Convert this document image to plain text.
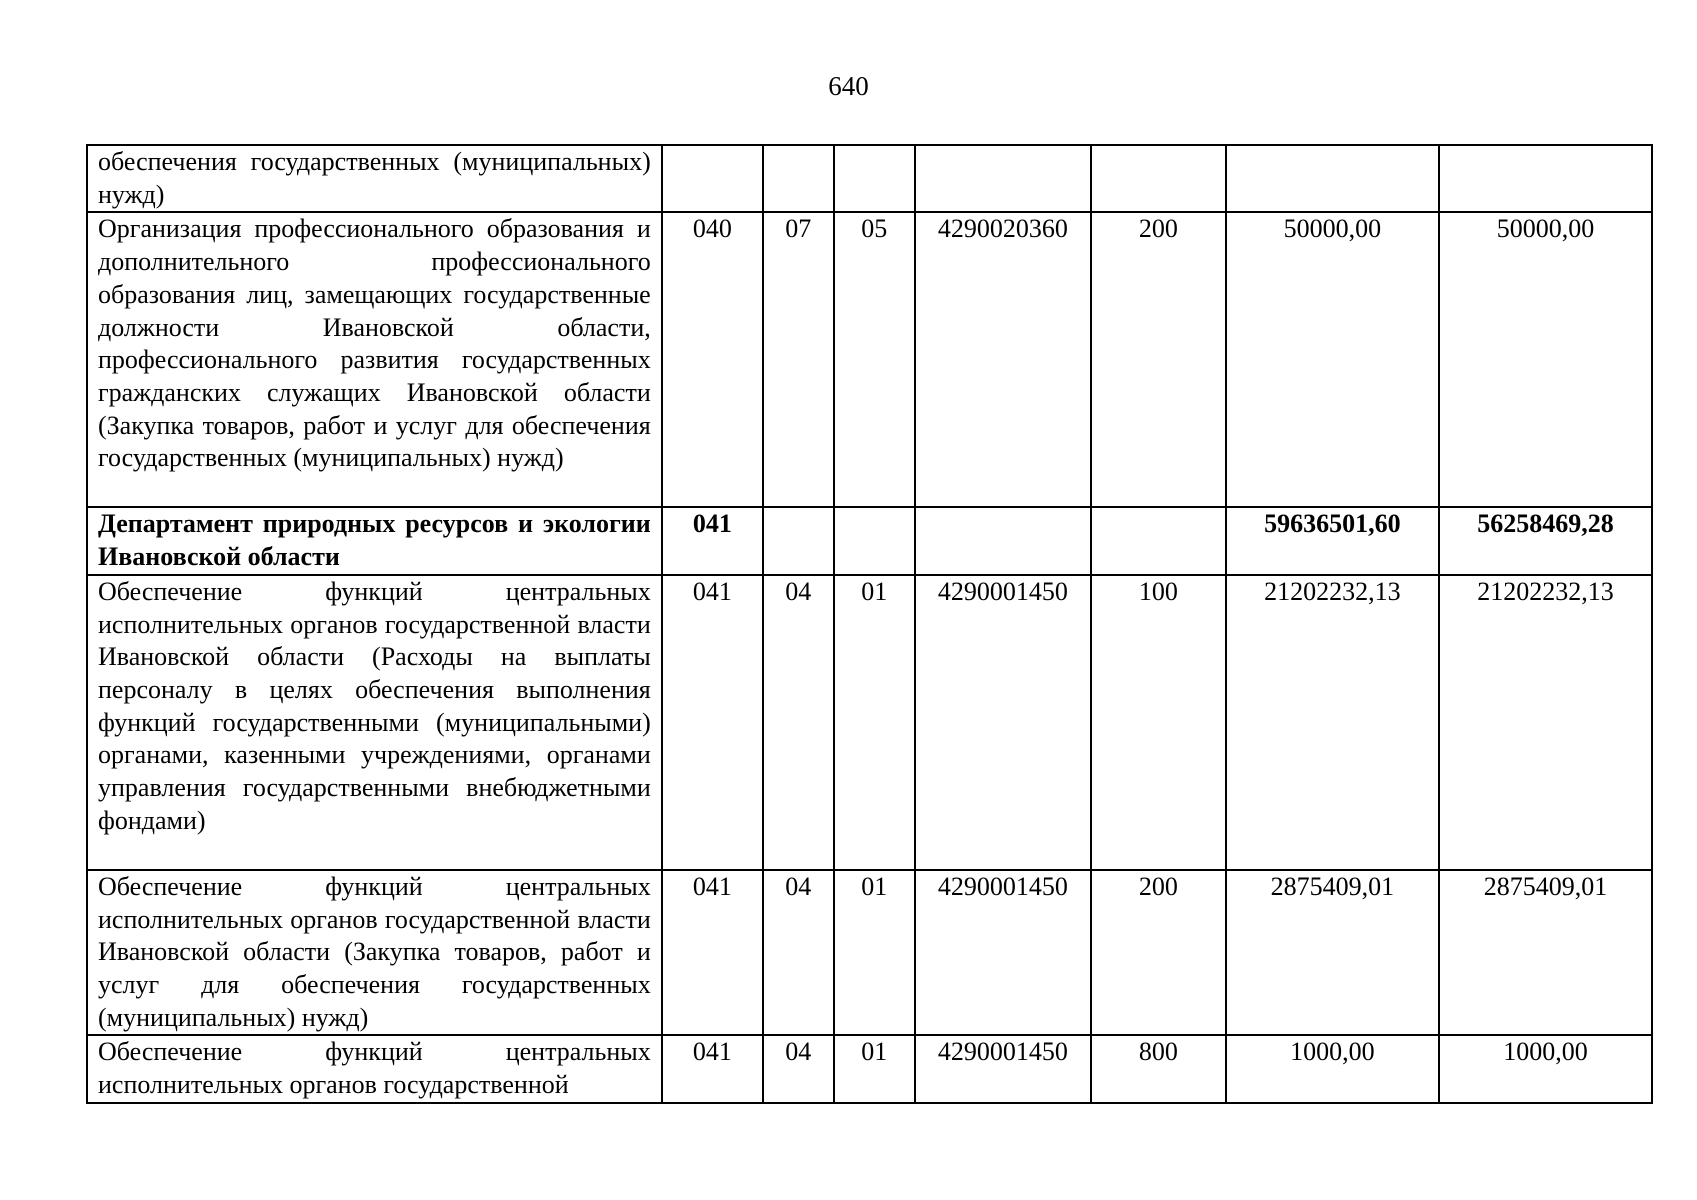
640
обеспечения государственных (муниципальных) нужд)							
Организация профессионального образования и дополнительного профессионального образования лиц, замещающих государственные должности Ивановской области, профессионального развития государственных гражданских служащих Ивановской области (Закупка товаров, работ и услуг для обеспечения государственных (муниципальных) нужд)	040	07	05	4290020360	200	50000,00	50000,00
Департамент природных ресурсов и экологии Ивановской области	041					59636501,60	56258469,28
Обеспечение функций центральных исполнительных органов государственной власти Ивановской области (Расходы на выплаты персоналу в целях обеспечения выполнения функций государственными (муниципальными) органами, казенными учреждениями, органами управления государственными внебюджетными фондами)	041	04	01	4290001450	100	21202232,13	21202232,13
Обеспечение функций центральных исполнительных органов государственной власти Ивановской области (Закупка товаров, работ и услуг для обеспечения государственных (муниципальных) нужд)	041	04	01	4290001450	200	2875409,01	2875409,01
Обеспечение функций центральных исполнительных органов государственной	041	04	01	4290001450	800	1000,00	1000,00
